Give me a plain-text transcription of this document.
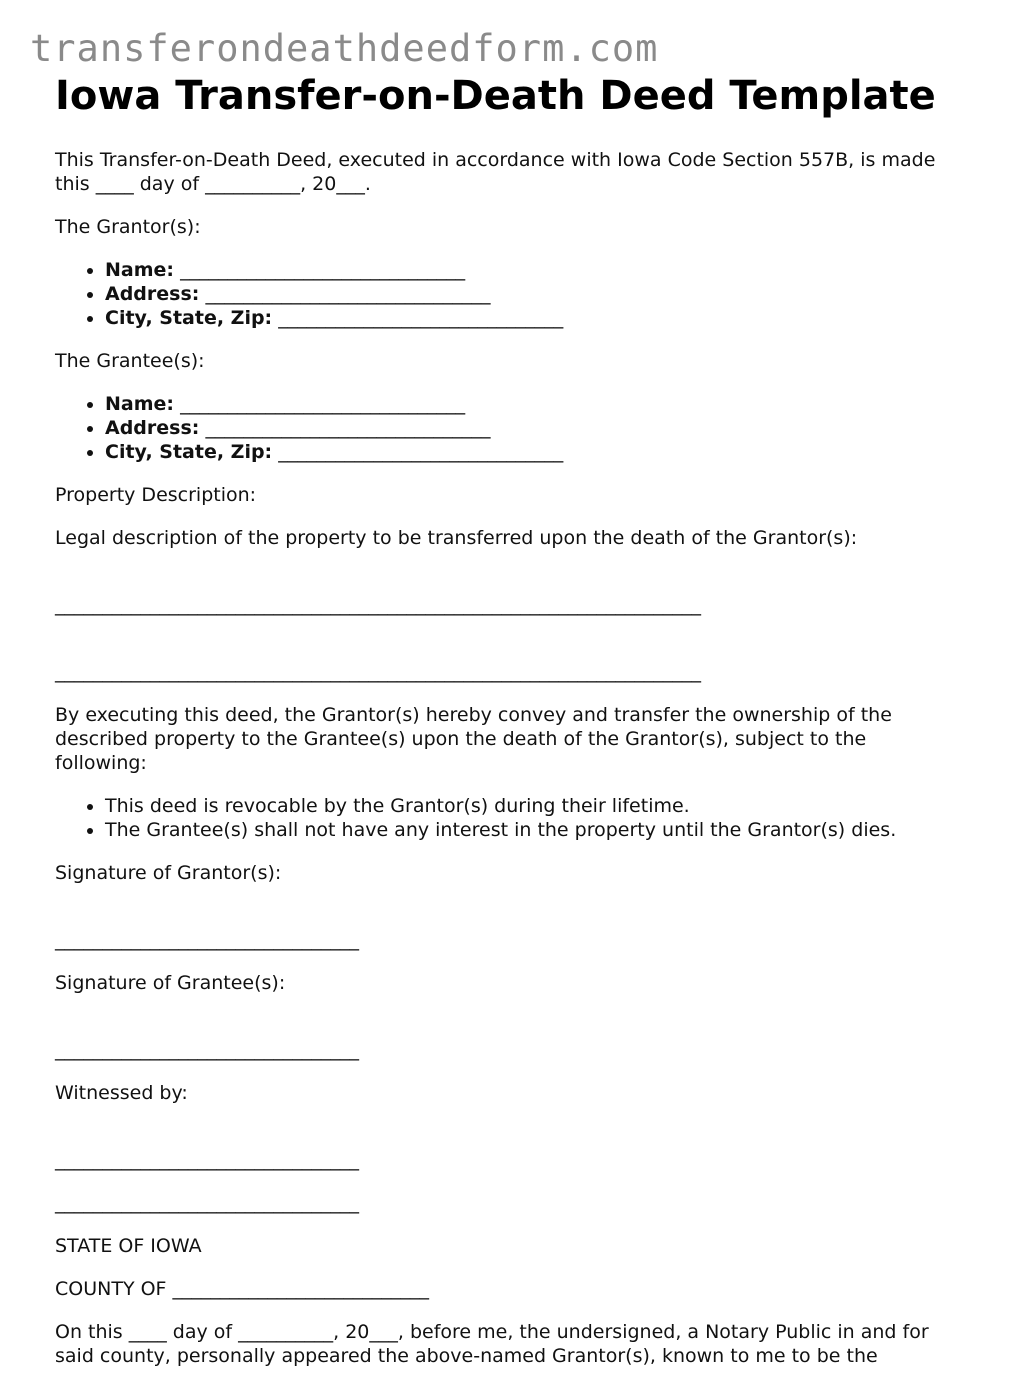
transferondeathdeedform.com
Iowa Transfer-on-Death Deed Template

This Transfer-on-Death Deed, executed in accordance with Iowa Code Section 557B, is made this ____ day of __________, 20___.

The Grantor(s):

• Name: ______________________________
• Address: ______________________________
• City, State, Zip: ______________________________

The Grantee(s):

• Name: ______________________________
• Address: ______________________________
• City, State, Zip: ______________________________

Property Description:

Legal description of the property to be transferred upon the death of the Grantor(s):

____________________________________________________________________
____________________________________________________________________

By executing this deed, the Grantor(s) hereby convey and transfer the ownership of the described property to the Grantee(s) upon the death of the Grantor(s), subject to the following:

• This deed is revocable by the Grantor(s) during their lifetime.
• The Grantee(s) shall not have any interest in the property until the Grantor(s) dies.

Signature of Grantor(s):

________________________________

Signature of Grantee(s):

________________________________

Witnessed by:

________________________________
________________________________

STATE OF IOWA

COUNTY OF ___________________________

On this ____ day of __________, 20___, before me, the undersigned, a Notary Public in and for said county, personally appeared the above-named Grantor(s), known to me to be the
